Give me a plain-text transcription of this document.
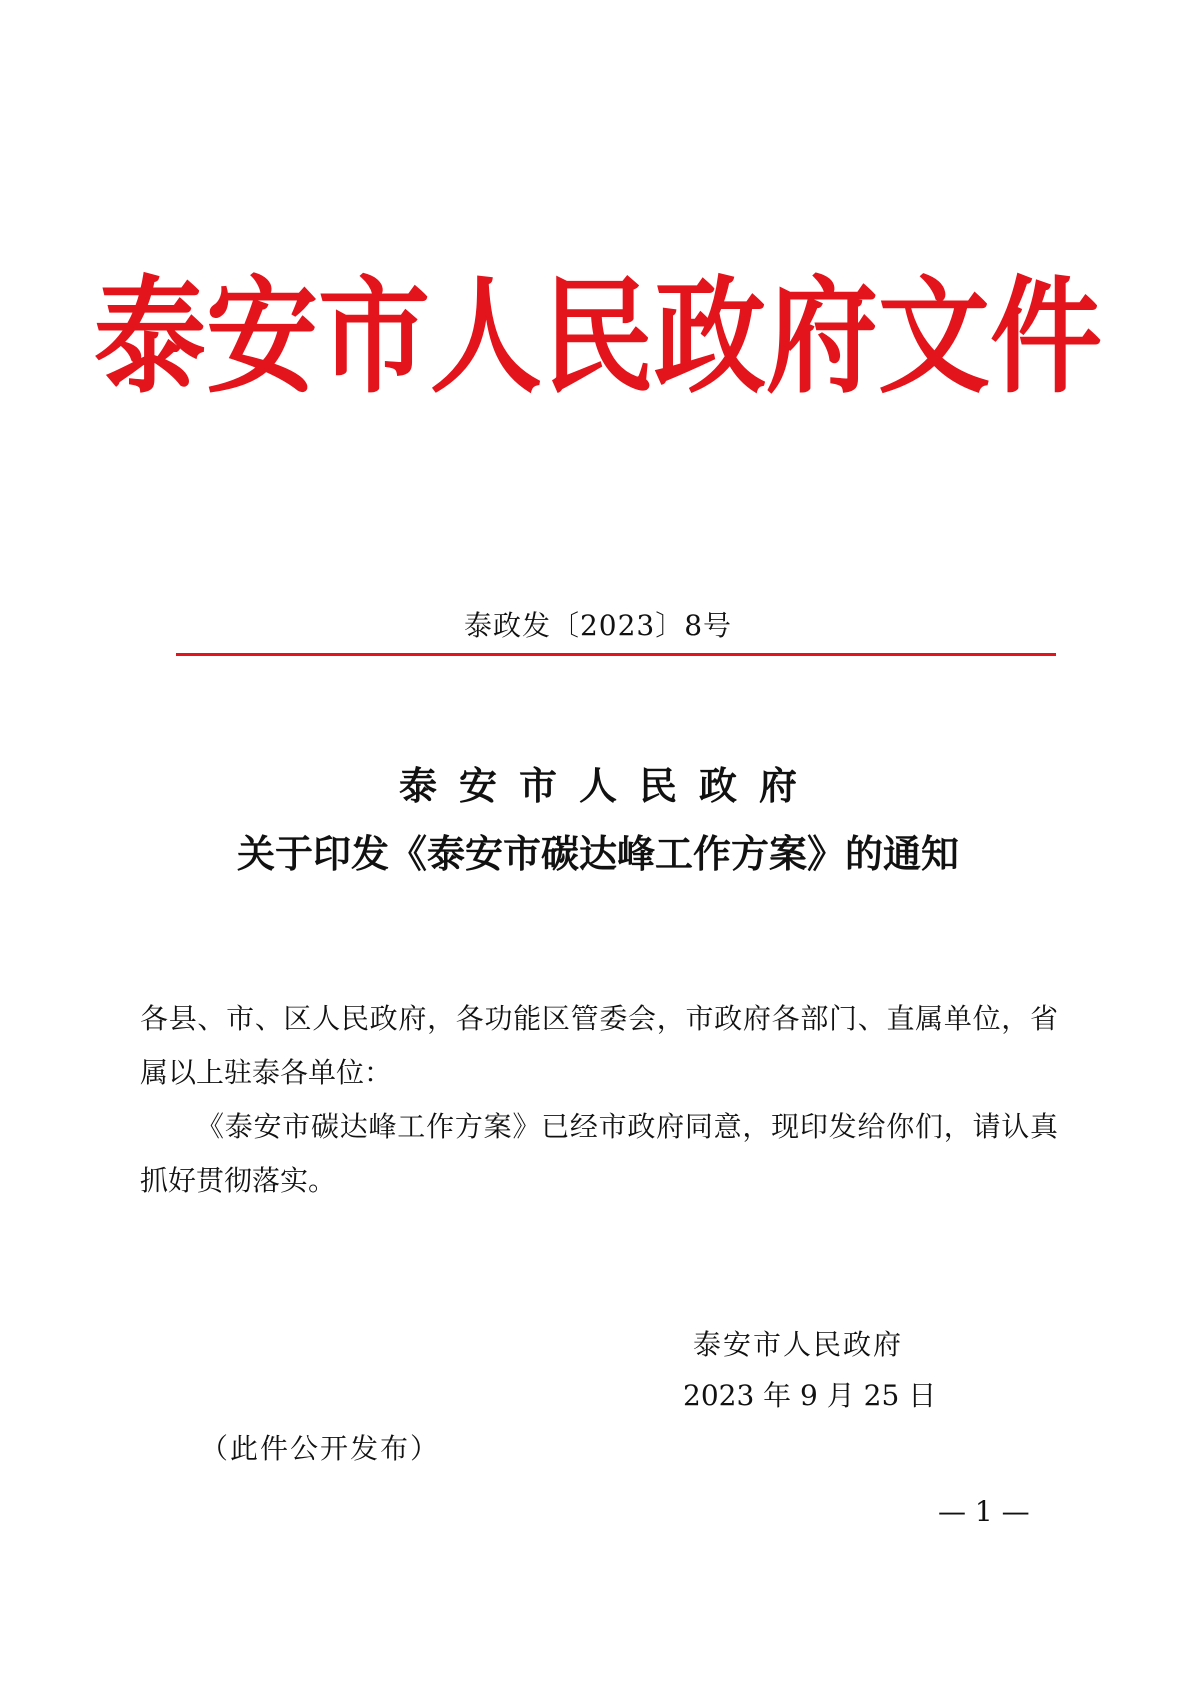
泰安市人民政府文件
泰政发〔2023〕8号
泰安市人民政府
关于印发《泰安市碳达峰工作方案》的通知

各县、市、区人民政府，各功能区管委会，市政府各部门、直属单位，省属以上驻泰各单位：

《泰安市碳达峰工作方案》已经市政府同意，现印发给你们，请认真抓好贯彻落实。

泰安市人民政府
2023 年 9 月 25 日
（此件公开发布）
— 1 —
